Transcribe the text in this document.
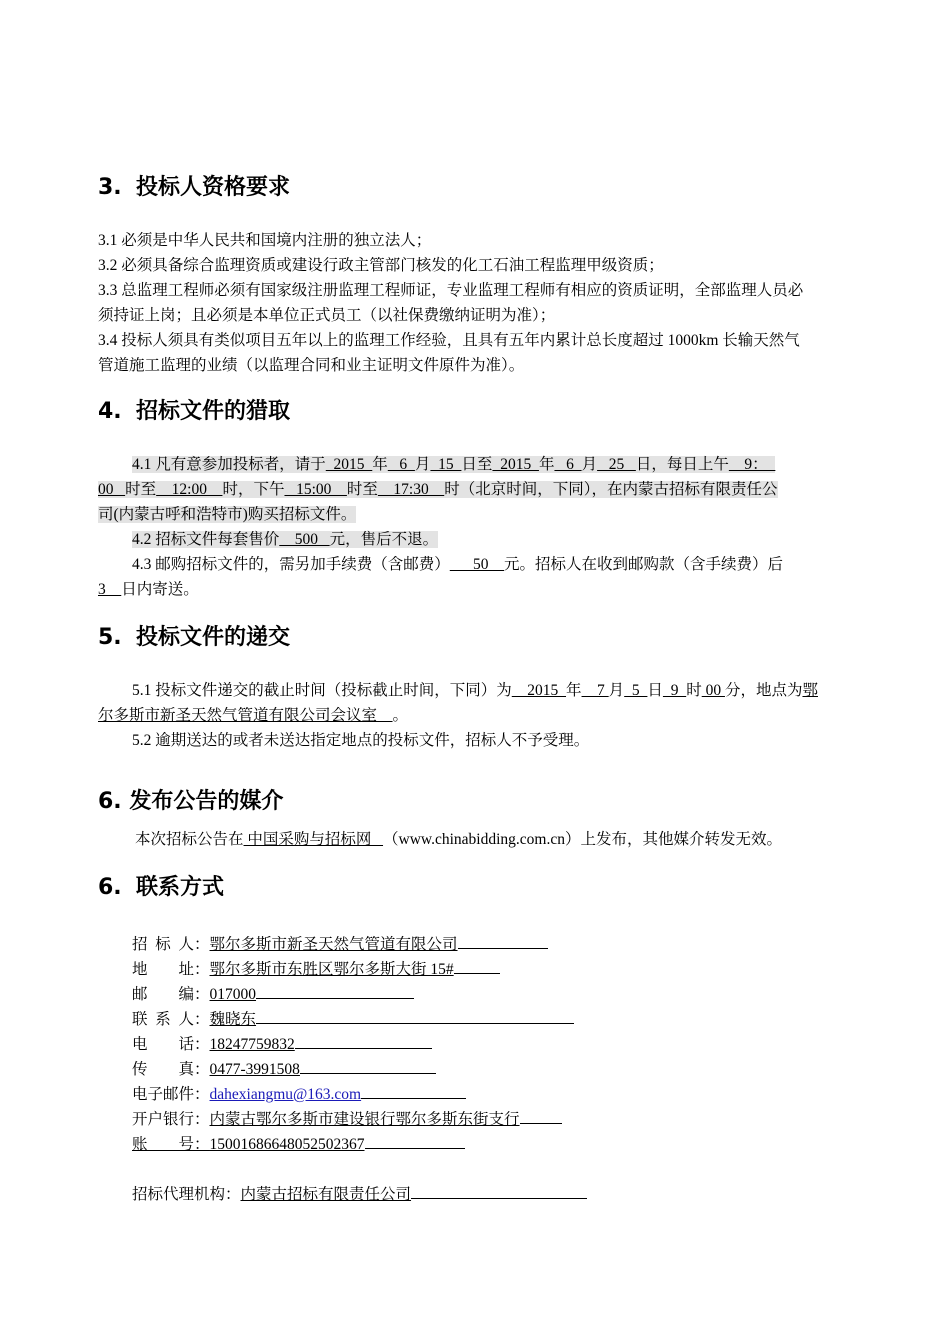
3. 投标人资格要求
3.1 必须是中华人民共和国境内注册的独立法人；
3.2 必须具备综合监理资质或建设行政主管部门核发的化工石油工程监理甲级资质；
3.3 总监理工程师必须有国家级注册监理工程师证，专业监理工程师有相应的资质证明，全部监理人员必
须持证上岗；且必须是本单位正式员工（以社保费缴纳证明为准）；
3.4 投标人须具有类似项目五年以上的监理工作经验，且具有五年内累计总长度超过 1000km 长输天然气
管道施工监理的业绩（以监理合同和业主证明文件原件为准）。
4. 招标文件的猎取
4.1 凡有意参加投标者，请于  2015  年   6  月  15  日至  2015  年   6  月   25   日，每日上午    9：
00   时至    12:00    时，下午   15:00    时至    17:30    时（北京时间，下同），在内蒙古招标有限责任公
司(内蒙古呼和浩特市)购买招标文件。
4.2 招标文件每套售价    500   元，售后不退。
4.3 邮购招标文件的，需另加手续费（含邮费）      50    元。招标人在收到邮购款（含手续费）后
3    日内寄送。
5. 投标文件的递交
5.1 投标文件递交的截止时间（投标截止时间，下同）为    2015  年    7 月  5  日  9  时 00 分，地点为鄂
尔多斯市新圣天然气管道有限公司会议室    。
5.2 逾期送达的或者未送达指定地点的投标文件，招标人不予受理。
6. 发布公告的媒介
本次招标公告在 中国采购与招标网   （www.chinabidding.com.cn）上发布，其他媒介转发无效。
6. 联系方式
招  标  人：鄂尔多斯市新圣天然气管道有限公司
地        址：鄂尔多斯市东胜区鄂尔多斯大街 15#
邮        编：017000
联  系  人：魏晓东
电        话：18247759832
传        真：0477-3991508
电子邮件：dahexiangmu@163.com
开户银行：内蒙古鄂尔多斯市建设银行鄂尔多斯东街支行
账        号：15001686648052502367
招标代理机构：内蒙古招标有限责任公司
